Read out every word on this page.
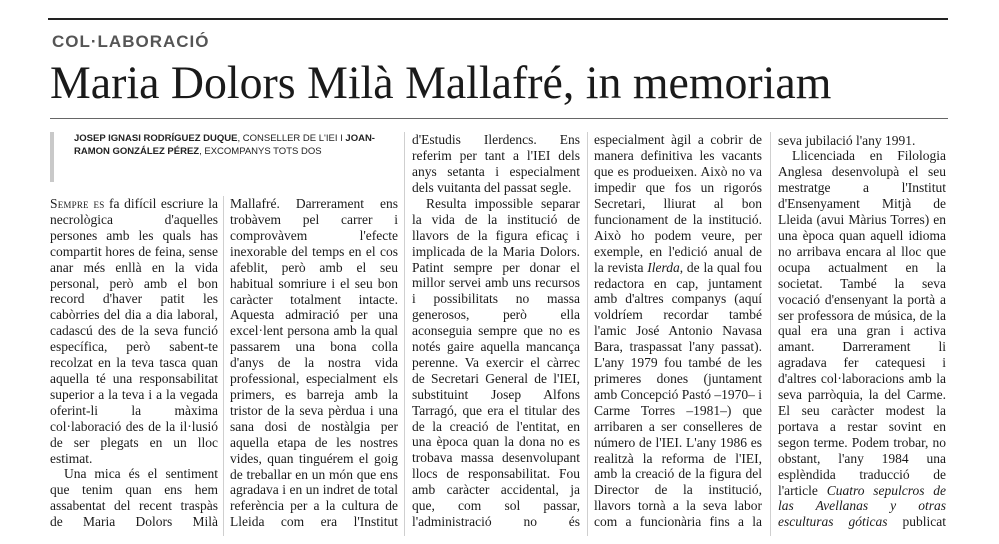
COL·LABORACIÓ
Maria Dolors Milà Mallafré, in memoriam
JOSEP IGNASI RODRÍGUEZ DUQUE, CONSELLER DE L'IEI I JOAN-RAMON GONZÁLEZ PÉREZ, EXCOMPANYS TOTS DOS

Sempre es fa difícil escriure la necrològica d'aquelles persones amb les quals has compartit hores de feina, sense anar més enllà en la vida personal, però amb el bon record d'haver patit les cabòrries del dia a dia laboral, cadascú des de la seva funció específica, però sabent-te recolzat en la teva tasca quan aquella té una responsabilitat superior a la teva i a la vegada oferint-li la màxima col·laboració des de la il·lusió de ser plegats en un lloc estimat.

Una mica és el sentiment que tenim quan ens hem assabentat del recent traspàs de Maria Dolors Milà

Mallafré. Darrerament ens trobàvem pel carrer i comprovàvem l'efecte inexorable del temps en el cos afeblit, però amb el seu habitual somriure i el seu bon caràcter totalment intacte. Aquesta admiració per una excel·lent persona amb la qual passarem una bona colla d'anys de la nostra vida professional, especialment els primers, es barreja amb la tristor de la seva pèrdua i una sana dosi de nostàlgia per aquella etapa de les nostres vides, quan tinguérem el goig de treballar en un món que ens agradava i en un indret de total referència per a la cultura de Lleida com era l'Institut

d'Estudis Ilerdencs. Ens referim per tant a l'IEI dels anys setanta i especialment dels vuitanta del passat segle.

Resulta impossible separar la vida de la institució de llavors de la figura eficaç i implicada de la Maria Dolors. Patint sempre per donar el millor servei amb uns recursos i possibilitats no massa generosos, però ella aconseguia sempre que no es notés gaire aquella mancança perenne. Va exercir el càrrec de Secretari General de l'IEI, substituint Josep Alfons Tarragó, que era el titular des de la creació de l'entitat, en una època quan la dona no es trobava massa desenvolupant llocs de responsabilitat. Fou amb caràcter accidental, ja que, com sol passar, l'administració no és

especialment àgil a cobrir de manera definitiva les vacants que es produeixen. Això no va impedir que fos un rigorós Secretari, lliurat al bon funcionament de la institució. Això ho podem veure, per exemple, en l'edició anual de la revista Ilerda, de la qual fou redactora en cap, juntament amb d'altres companys (aquí voldríem recordar també l'amic José Antonio Navasa Bara, traspassat l'any passat). L'any 1979 fou també de les primeres dones (juntament amb Concepció Pastó –1970– i Carme Torres –1981–) que arribaren a ser conselleres de número de l'IEI. L'any 1986 es realitzà la reforma de l'IEI, amb la creació de la figura del Director de la institució, llavors tornà a la seva labor com a funcionària fins a la

seva jubilació l'any 1991.

Llicenciada en Filologia Anglesa desenvolupà el seu mestratge a l'Institut d'Ensenyament Mitjà de Lleida (avui Màrius Torres) en una època quan aquell idioma no arribava encara al lloc que ocupa actualment en la societat. També la seva vocació d'ensenyant la portà a ser professora de música, de la qual era una gran i activa amant. Darrerament li agradava fer catequesi i d'altres col·laboracions amb la seva parròquia, la del Carme. El seu caràcter modest la portava a restar sovint en segon terme. Podem trobar, no obstant, l'any 1984 una esplèndida traducció de l'article Cuatro sepulcros de las Avellanas y otras esculturas góticas publicat
